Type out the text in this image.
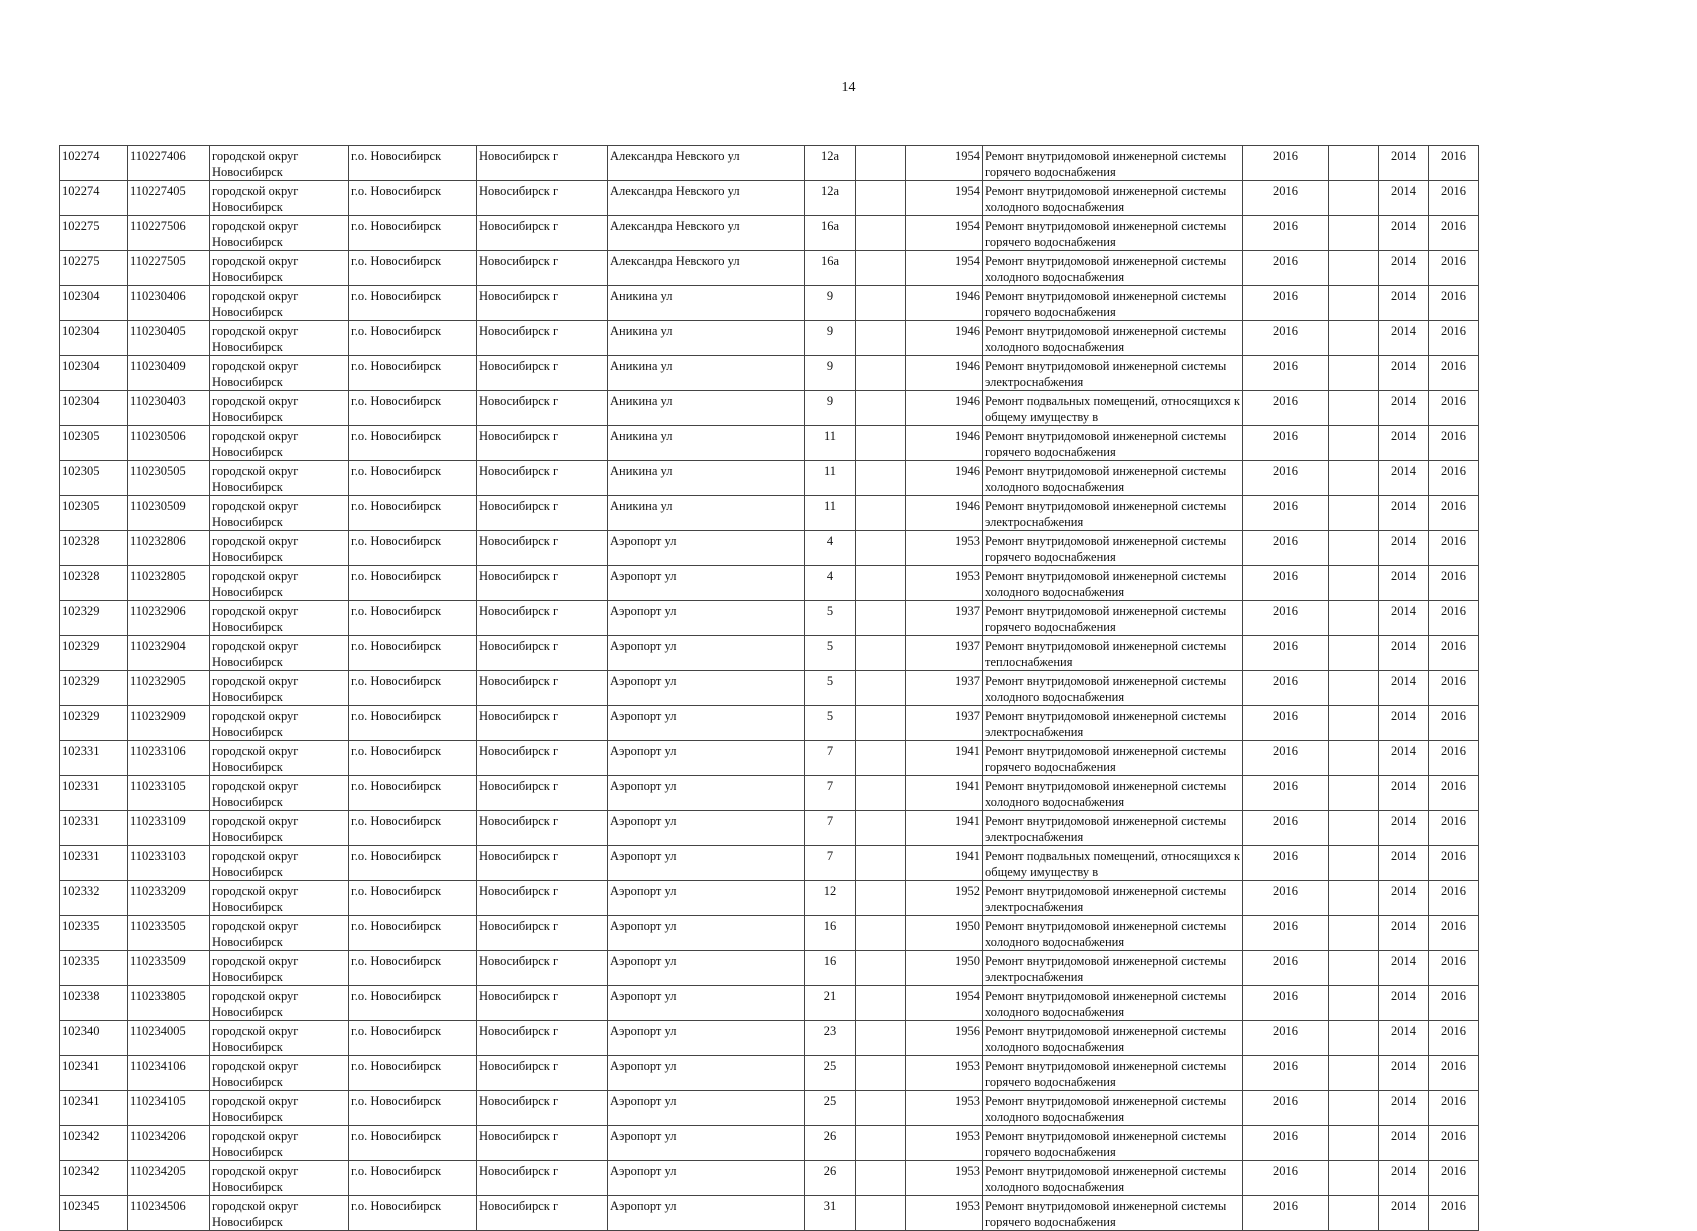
14
102274	110227406	городской округ Новосибирск	г.о. Новосибирск	Новосибирск г	Александра Невского ул	12а		1954	Ремонт внутридомовой инженерной системы горячего водоснабжения	2016		2014	2016
102274	110227405	городской округ Новосибирск	г.о. Новосибирск	Новосибирск г	Александра Невского ул	12а		1954	Ремонт внутридомовой инженерной системы холодного водоснабжения	2016		2014	2016
102275	110227506	городской округ Новосибирск	г.о. Новосибирск	Новосибирск г	Александра Невского ул	16а		1954	Ремонт внутридомовой инженерной системы горячего водоснабжения	2016		2014	2016
102275	110227505	городской округ Новосибирск	г.о. Новосибирск	Новосибирск г	Александра Невского ул	16а		1954	Ремонт внутридомовой инженерной системы холодного водоснабжения	2016		2014	2016
102304	110230406	городской округ Новосибирск	г.о. Новосибирск	Новосибирск г	Аникина ул	9		1946	Ремонт внутридомовой инженерной системы горячего водоснабжения	2016		2014	2016
102304	110230405	городской округ Новосибирск	г.о. Новосибирск	Новосибирск г	Аникина ул	9		1946	Ремонт внутридомовой инженерной системы холодного водоснабжения	2016		2014	2016
102304	110230409	городской округ Новосибирск	г.о. Новосибирск	Новосибирск г	Аникина ул	9		1946	Ремонт внутридомовой инженерной системы электроснабжения	2016		2014	2016
102304	110230403	городской округ Новосибирск	г.о. Новосибирск	Новосибирск г	Аникина ул	9		1946	Ремонт подвальных помещений, относящихся к общему имуществу в	2016		2014	2016
102305	110230506	городской округ Новосибирск	г.о. Новосибирск	Новосибирск г	Аникина ул	11		1946	Ремонт внутридомовой инженерной системы горячего водоснабжения	2016		2014	2016
102305	110230505	городской округ Новосибирск	г.о. Новосибирск	Новосибирск г	Аникина ул	11		1946	Ремонт внутридомовой инженерной системы холодного водоснабжения	2016		2014	2016
102305	110230509	городской округ Новосибирск	г.о. Новосибирск	Новосибирск г	Аникина ул	11		1946	Ремонт внутридомовой инженерной системы электроснабжения	2016		2014	2016
102328	110232806	городской округ Новосибирск	г.о. Новосибирск	Новосибирск г	Аэропорт ул	4		1953	Ремонт внутридомовой инженерной системы горячего водоснабжения	2016		2014	2016
102328	110232805	городской округ Новосибирск	г.о. Новосибирск	Новосибирск г	Аэропорт ул	4		1953	Ремонт внутридомовой инженерной системы холодного водоснабжения	2016		2014	2016
102329	110232906	городской округ Новосибирск	г.о. Новосибирск	Новосибирск г	Аэропорт ул	5		1937	Ремонт внутридомовой инженерной системы горячего водоснабжения	2016		2014	2016
102329	110232904	городской округ Новосибирск	г.о. Новосибирск	Новосибирск г	Аэропорт ул	5		1937	Ремонт внутридомовой инженерной системы теплоснабжения	2016		2014	2016
102329	110232905	городской округ Новосибирск	г.о. Новосибирск	Новосибирск г	Аэропорт ул	5		1937	Ремонт внутридомовой инженерной системы холодного водоснабжения	2016		2014	2016
102329	110232909	городской округ Новосибирск	г.о. Новосибирск	Новосибирск г	Аэропорт ул	5		1937	Ремонт внутридомовой инженерной системы электроснабжения	2016		2014	2016
102331	110233106	городской округ Новосибирск	г.о. Новосибирск	Новосибирск г	Аэропорт ул	7		1941	Ремонт внутридомовой инженерной системы горячего водоснабжения	2016		2014	2016
102331	110233105	городской округ Новосибирск	г.о. Новосибирск	Новосибирск г	Аэропорт ул	7		1941	Ремонт внутридомовой инженерной системы холодного водоснабжения	2016		2014	2016
102331	110233109	городской округ Новосибирск	г.о. Новосибирск	Новосибирск г	Аэропорт ул	7		1941	Ремонт внутридомовой инженерной системы электроснабжения	2016		2014	2016
102331	110233103	городской округ Новосибирск	г.о. Новосибирск	Новосибирск г	Аэропорт ул	7		1941	Ремонт подвальных помещений, относящихся к общему имуществу в	2016		2014	2016
102332	110233209	городской округ Новосибирск	г.о. Новосибирск	Новосибирск г	Аэропорт ул	12		1952	Ремонт внутридомовой инженерной системы электроснабжения	2016		2014	2016
102335	110233505	городской округ Новосибирск	г.о. Новосибирск	Новосибирск г	Аэропорт ул	16		1950	Ремонт внутридомовой инженерной системы холодного водоснабжения	2016		2014	2016
102335	110233509	городской округ Новосибирск	г.о. Новосибирск	Новосибирск г	Аэропорт ул	16		1950	Ремонт внутридомовой инженерной системы электроснабжения	2016		2014	2016
102338	110233805	городской округ Новосибирск	г.о. Новосибирск	Новосибирск г	Аэропорт ул	21		1954	Ремонт внутридомовой инженерной системы холодного водоснабжения	2016		2014	2016
102340	110234005	городской округ Новосибирск	г.о. Новосибирск	Новосибирск г	Аэропорт ул	23		1956	Ремонт внутридомовой инженерной системы холодного водоснабжения	2016		2014	2016
102341	110234106	городской округ Новосибирск	г.о. Новосибирск	Новосибирск г	Аэропорт ул	25		1953	Ремонт внутридомовой инженерной системы горячего водоснабжения	2016		2014	2016
102341	110234105	городской округ Новосибирск	г.о. Новосибирск	Новосибирск г	Аэропорт ул	25		1953	Ремонт внутридомовой инженерной системы холодного водоснабжения	2016		2014	2016
102342	110234206	городской округ Новосибирск	г.о. Новосибирск	Новосибирск г	Аэропорт ул	26		1953	Ремонт внутридомовой инженерной системы горячего водоснабжения	2016		2014	2016
102342	110234205	городской округ Новосибирск	г.о. Новосибирск	Новосибирск г	Аэропорт ул	26		1953	Ремонт внутридомовой инженерной системы холодного водоснабжения	2016		2014	2016
102345	110234506	городской округ Новосибирск	г.о. Новосибирск	Новосибирск г	Аэропорт ул	31		1953	Ремонт внутридомовой инженерной системы горячего водоснабжения	2016		2014	2016
